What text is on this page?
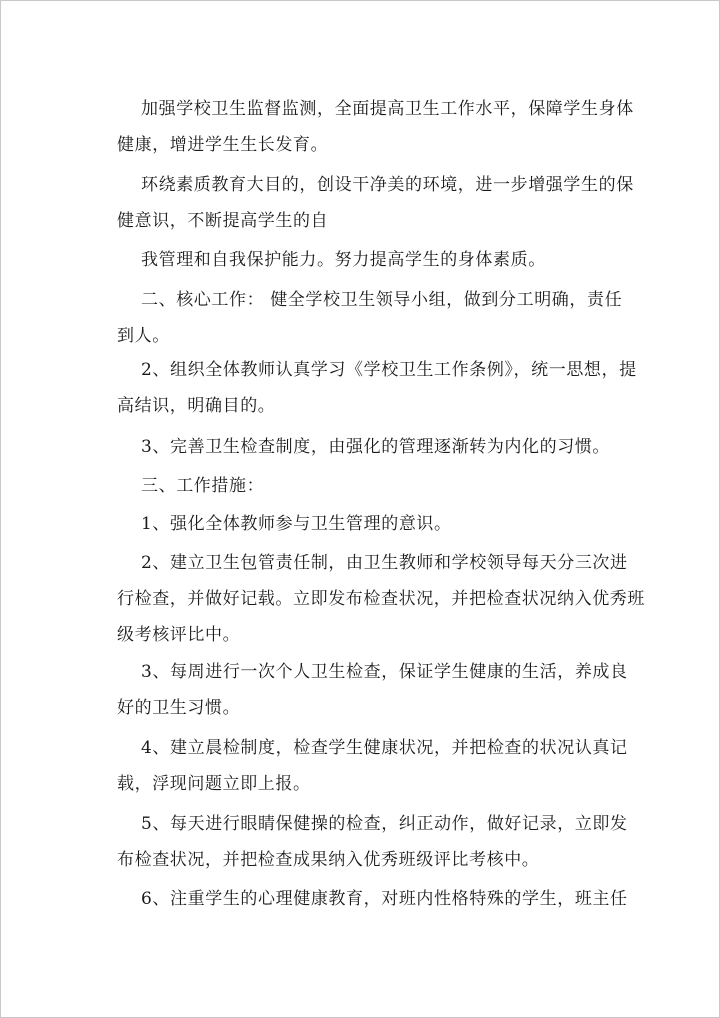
加强学校卫生监督监测，全面提高卫生工作水平，保障学生身体
健康，增进学生生长发育。
环绕素质教育大目的，创设干净美的环境，进一步增强学生的保
健意识，不断提高学生的自
我管理和自我保护能力。努力提高学生的身体素质。
二、核心工作： 健全学校卫生领导小组，做到分工明确，责任
到人。
2、组织全体教师认真学习《学校卫生工作条例》，统一思想，提
高结识，明确目的。
3、完善卫生检查制度，由强化的管理逐渐转为内化的习惯。
三、工作措施：
1、强化全体教师参与卫生管理的意识。
2、建立卫生包管责任制，由卫生教师和学校领导每天分三次进
行检查，并做好记载。立即发布检查状况，并把检查状况纳入优秀班
级考核评比中。
3、每周进行一次个人卫生检查，保证学生健康的生活，养成良
好的卫生习惯。
4、建立晨检制度，检查学生健康状况，并把检查的状况认真记
载，浮现问题立即上报。
5、每天进行眼睛保健操的检查，纠正动作，做好记录，立即发
布检查状况，并把检查成果纳入优秀班级评比考核中。
6、注重学生的心理健康教育，对班内性格特殊的学生，班主任
